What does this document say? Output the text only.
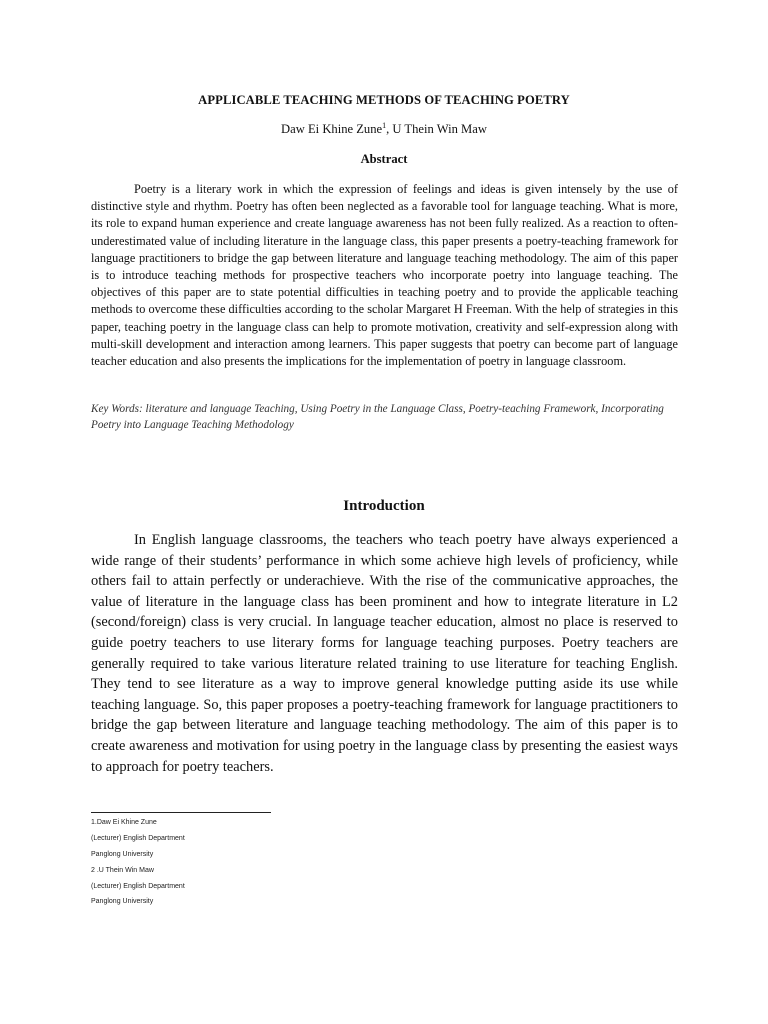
APPLICABLE TEACHING METHODS OF TEACHING POETRY
Daw Ei Khine Zune$^1$, U Thein Win Maw
Abstract

Poetry is a literary work in which the expression of feelings and ideas is given intensely by the use of distinctive style and rhythm. Poetry has often been neglected as a favorable tool for language teaching. What is more, its role to expand human experience and create language awareness has not been fully realized. As a reaction to often-underestimated value of including literature in the language class, this paper presents a poetry-teaching framework for language practitioners to bridge the gap between literature and language teaching methodology. The aim of this paper is to introduce teaching methods for prospective teachers who incorporate poetry into language teaching. The objectives of this paper are to state potential difficulties in teaching poetry and to provide the applicable teaching methods to overcome these difficulties according to the scholar Margaret H Freeman. With the help of strategies in this paper, teaching poetry in the language class can help to promote motivation, creativity and self-expression along with multi-skill development and interaction among learners. This paper suggests that poetry can become part of language teacher education and also presents the implications for the implementation of poetry in language classroom.

Key Words: literature and language Teaching, Using Poetry in the Language Class, Poetry-teaching Framework, Incorporating Poetry into Language Teaching Methodology

Introduction

In English language classrooms, the teachers who teach poetry have always experienced a wide range of their students’ performance in which some achieve high levels of proficiency, while others fail to attain perfectly or underachieve. With the rise of the communicative approaches, the value of literature in the language class has been prominent and how to integrate literature in L2 (second/foreign) class is very crucial. In language teacher education, almost no place is reserved to guide poetry teachers to use literary forms for language teaching purposes. Poetry teachers are generally required to take various literature related training to use literature for teaching English. They tend to see literature as a way to improve general knowledge putting aside its use while teaching language. So, this paper proposes a poetry-teaching framework for language practitioners to bridge the gap between literature and language teaching methodology. The aim of this paper is to create awareness and motivation for using poetry in the language class by presenting the easiest ways to approach for poetry teachers.

1.Daw Ei Khine Zune
(Lecturer) English Department
Panglong University
2 .U Thein Win Maw
(Lecturer) English Department
Panglong University
